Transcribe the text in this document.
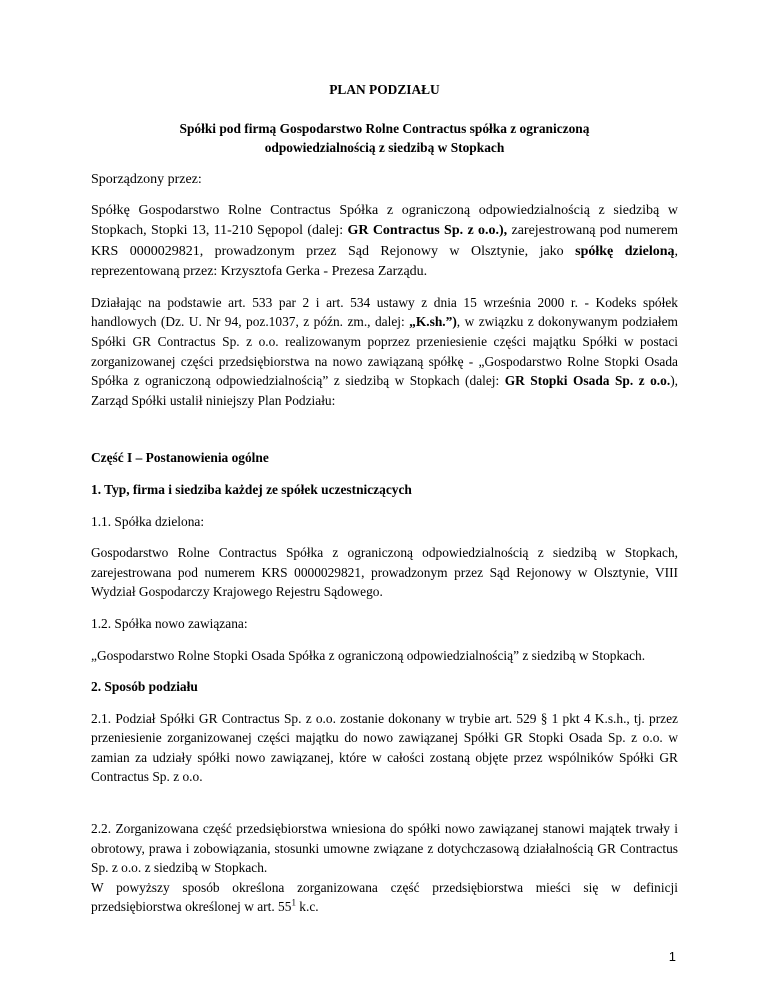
PLAN PODZIAŁU

Spółki pod firmą Gospodarstwo Rolne Contractus spółka z ograniczoną

odpowiedzialnością z siedzibą w Stopkach

Sporządzony przez:

Spółkę Gospodarstwo Rolne Contractus Spółka z ograniczoną odpowiedzialnością z siedzibą w Stopkach, Stopki 13, 11-210 Sępopol (dalej: GR Contractus Sp. z o.o.), zarejestrowaną pod numerem KRS 0000029821, prowadzonym przez Sąd Rejonowy w Olsztynie, jako spółkę dzieloną, reprezentowaną przez: Krzysztofa Gerka - Prezesa Zarządu.

Działając na podstawie art. 533 par 2 i art. 534 ustawy z dnia 15 września 2000 r. - Kodeks spółek handlowych (Dz. U. Nr 94, poz.1037, z późn. zm., dalej: „K.sh.”), w związku z dokonywanym podziałem Spółki GR Contractus Sp. z o.o. realizowanym poprzez przeniesienie części majątku Spółki w postaci zorganizowanej części przedsiębiorstwa na nowo zawiązaną spółkę - „Gospodarstwo Rolne Stopki Osada Spółka z ograniczoną odpowiedzialnością” z siedzibą w Stopkach (dalej: GR Stopki Osada Sp. z o.o.), Zarząd Spółki ustalił niniejszy Plan Podziału:

Część I – Postanowienia ogólne

1. Typ, firma i siedziba każdej ze spółek uczestniczących

1.1. Spółka dzielona:

Gospodarstwo Rolne Contractus Spółka z ograniczoną odpowiedzialnością z siedzibą w Stopkach, zarejestrowana pod numerem KRS 0000029821, prowadzonym przez Sąd Rejonowy w Olsztynie, VIII Wydział Gospodarczy Krajowego Rejestru Sądowego.

1.2. Spółka nowo zawiązana:

„Gospodarstwo Rolne Stopki Osada Spółka z ograniczoną odpowiedzialnością” z siedzibą w Stopkach.

2. Sposób podziału

2.1. Podział Spółki GR Contractus Sp. z o.o. zostanie dokonany w trybie art. 529 § 1 pkt 4 K.s.h., tj. przez przeniesienie zorganizowanej części majątku do nowo zawiązanej Spółki GR Stopki Osada Sp. z o.o. w zamian za udziały spółki nowo zawiązanej, które w całości zostaną objęte przez wspólników Spółki GR Contractus Sp. z o.o.

2.2. Zorganizowana część przedsiębiorstwa wniesiona do spółki nowo zawiązanej stanowi majątek trwały i obrotowy, prawa i zobowiązania, stosunki umowne związane z dotychczasową działalnością GR Contractus Sp. z o.o. z siedzibą w Stopkach.

W powyższy sposób określona zorganizowana część przedsiębiorstwa mieści się w definicji przedsiębiorstwa określonej w art. $55^1$ k.c.

1
